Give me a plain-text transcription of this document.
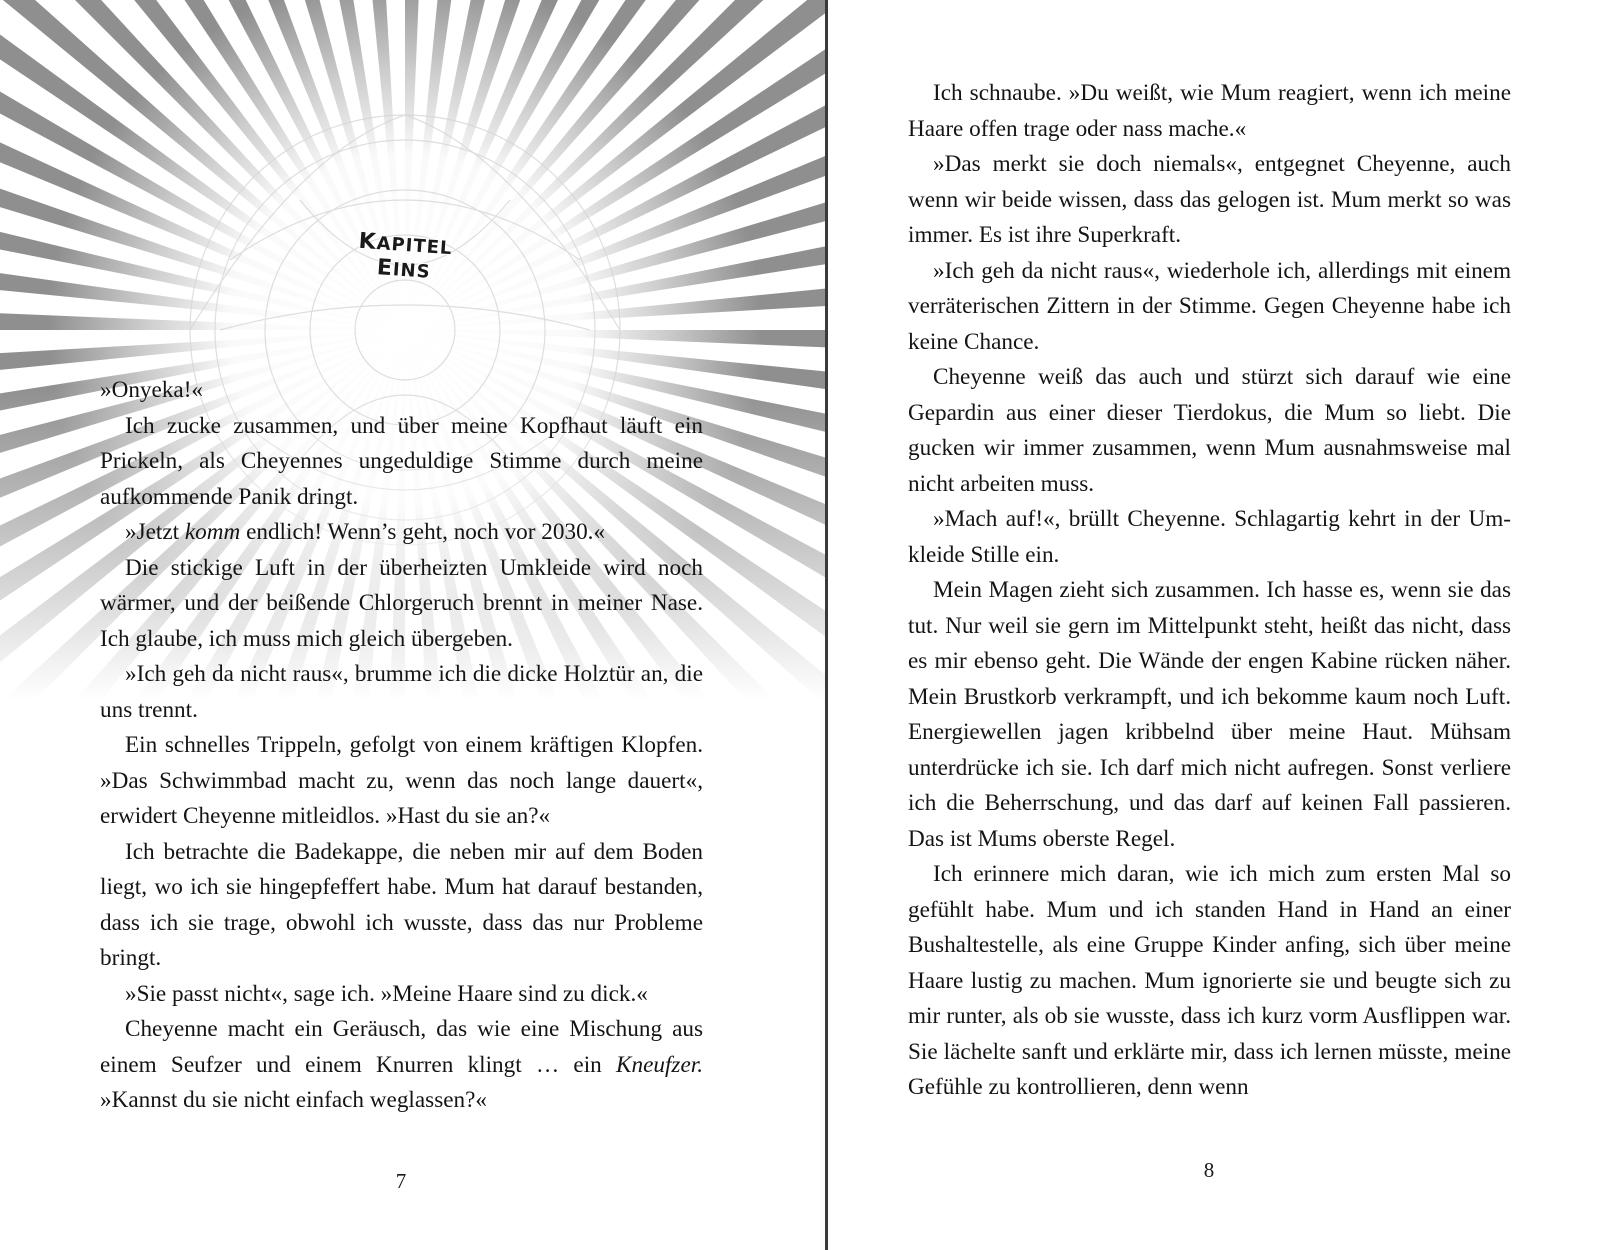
KAPITEL EINS

»Onyeka!«

Ich zucke zusammen, und über meine Kopfhaut läuft ein Prickeln, als Cheyennes ungeduldige Stimme durch meine aufkommende Panik dringt.

»Jetzt komm endlich! Wenn’s geht, noch vor 2030.«

Die stickige Luft in der überheizten Umkleide wird noch wärmer, und der beißende Chlorgeruch brennt in meiner Nase. Ich glaube, ich muss mich gleich übergeben.

»Ich geh da nicht raus«, brumme ich die dicke Holztür an, die uns trennt.

Ein schnelles Trippeln, gefolgt von einem kräftigen Klopfen. »Das Schwimmbad macht zu, wenn das noch lange dauert«, erwidert Cheyenne mitleidlos. »Hast du sie an?«

Ich betrachte die Badekappe, die neben mir auf dem Boden liegt, wo ich sie hingepfeffert habe. Mum hat darauf bestanden, dass ich sie trage, obwohl ich wusste, dass das nur Probleme bringt.

»Sie passt nicht«, sage ich. »Meine Haare sind zu dick.«

Cheyenne macht ein Geräusch, das wie eine Mischung aus einem Seufzer und einem Knurren klingt … ein Kneufzer. »Kannst du sie nicht einfach weglassen?«

7

Ich schnaube. »Du weißt, wie Mum reagiert, wenn ich meine Haare offen trage oder nass mache.«

»Das merkt sie doch niemals«, entgegnet Cheyenne, auch wenn wir beide wissen, dass das gelogen ist. Mum merkt so was immer. Es ist ihre Superkraft.

»Ich geh da nicht raus«, wiederhole ich, allerdings mit einem verräterischen Zittern in der Stimme. Gegen Cheyenne habe ich keine Chance.

Cheyenne weiß das auch und stürzt sich darauf wie eine Gepardin aus einer dieser Tierdokus, die Mum so liebt. Die gucken wir immer zusammen, wenn Mum ausnahmsweise mal nicht arbeiten muss.

»Mach auf!«, brüllt Cheyenne. Schlagartig kehrt in der Umkleide Stille ein.

Mein Magen zieht sich zusammen. Ich hasse es, wenn sie das tut. Nur weil sie gern im Mittelpunkt steht, heißt das nicht, dass es mir ebenso geht. Die Wände der engen Kabine rücken näher. Mein Brustkorb verkrampft, und ich bekomme kaum noch Luft. Energiewellen jagen kribbelnd über meine Haut. Mühsam unterdrücke ich sie. Ich darf mich nicht aufregen. Sonst verliere ich die Beherrschung, und das darf auf keinen Fall passieren. Das ist Mums oberste Regel.

Ich erinnere mich daran, wie ich mich zum ersten Mal so gefühlt habe. Mum und ich standen Hand in Hand an einer Bushaltestelle, als eine Gruppe Kinder anfing, sich über meine Haare lustig zu machen. Mum ignorierte sie und beugte sich zu mir runter, als ob sie wusste, dass ich kurz vorm Ausflippen war. Sie lächelte sanft und erklärte mir, dass ich lernen müsste, meine Gefühle zu kontrollieren, denn wenn

8
